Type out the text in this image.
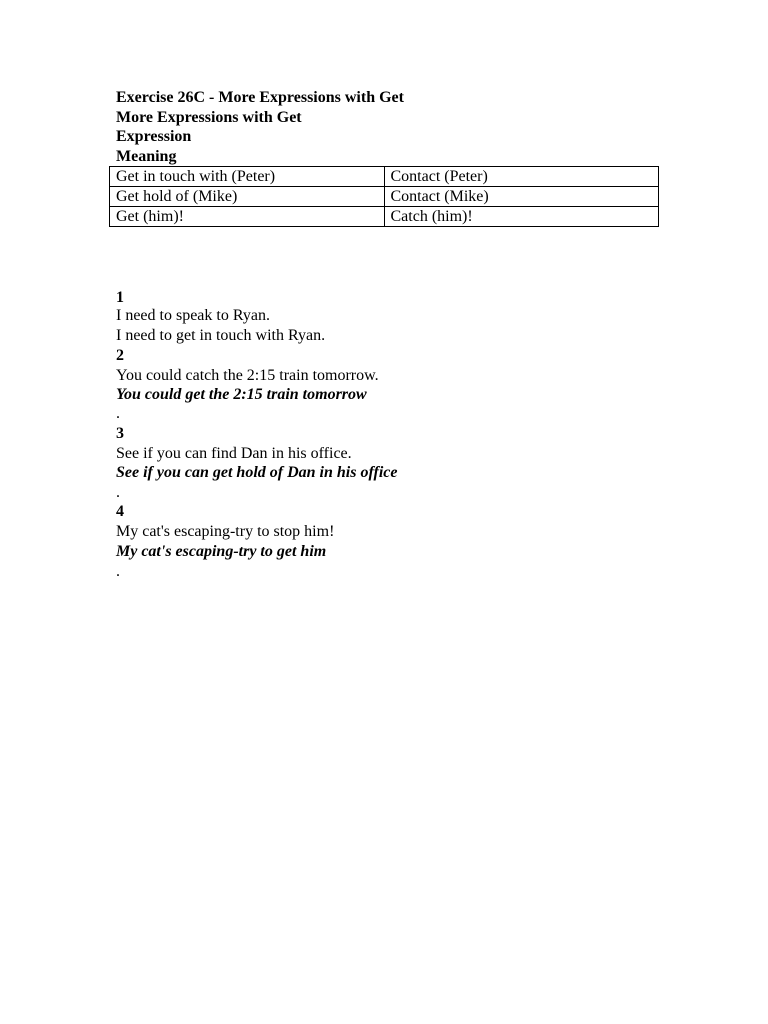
Exercise 26C - More Expressions with Get
More Expressions with Get
Expression
Meaning
Get in touch with (Peter)	Contact (Peter)
Get hold of (Mike)	Contact (Mike)
Get (him)!	Catch (him)!
1
I need to speak to Ryan.
I need to get in touch with Ryan.
2
You could catch the 2:15 train tomorrow.
You could get the 2:15 train tomorrow
.
3
See if you can find Dan in his office.
See if you can get hold of Dan in his office
.
4
My cat's escaping-try to stop him!
My cat's escaping-try to get him
.
